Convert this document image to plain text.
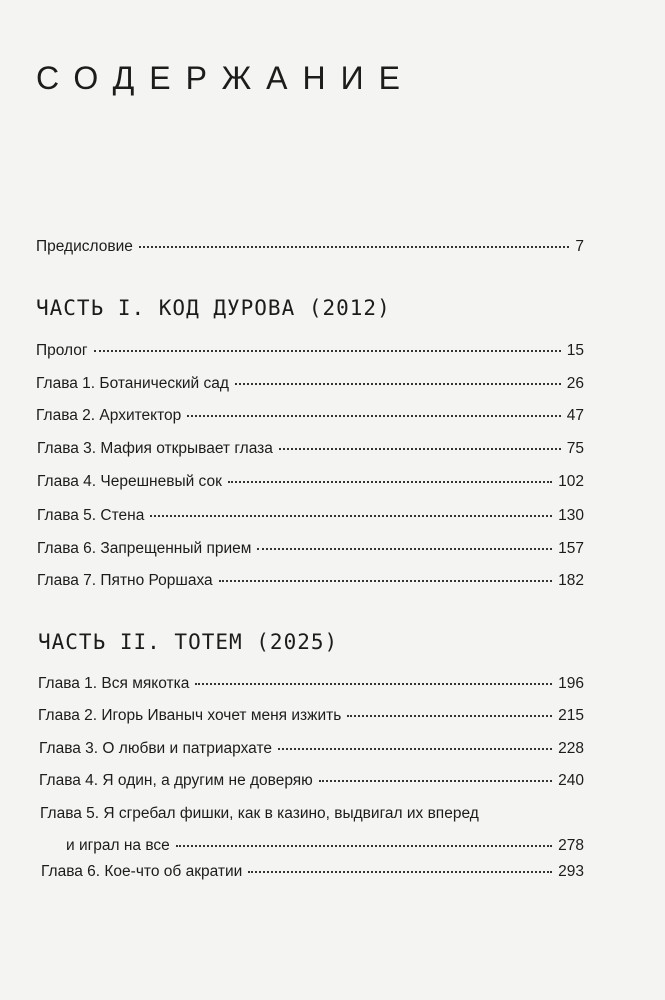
СОДЕРЖАНИЕ
Предисловие	7
ЧАСТЬ I. КОД ДУРОВА (2012)
Пролог	15
Глава 1. Ботанический сад	26
Глава 2. Архитектор	47
Глава 3. Мафия открывает глаза	75
Глава 4. Черешневый сок	102
Глава 5. Стена	130
Глава 6. Запрещенный прием	157
Глава 7. Пятно Роршаха	182
ЧАСТЬ II. ТОТЕМ (2025)
Глава 1. Вся мякотка	196
Глава 2. Игорь Иваныч хочет меня изжить	215
Глава 3. О любви и патриархате	228
Глава 4. Я один, а другим не доверяю	240
Глава 5. Я сгребал фишки, как в казино, выдвигал их вперед
и играл на все	278
Глава 6. Кое-что об акратии	293
